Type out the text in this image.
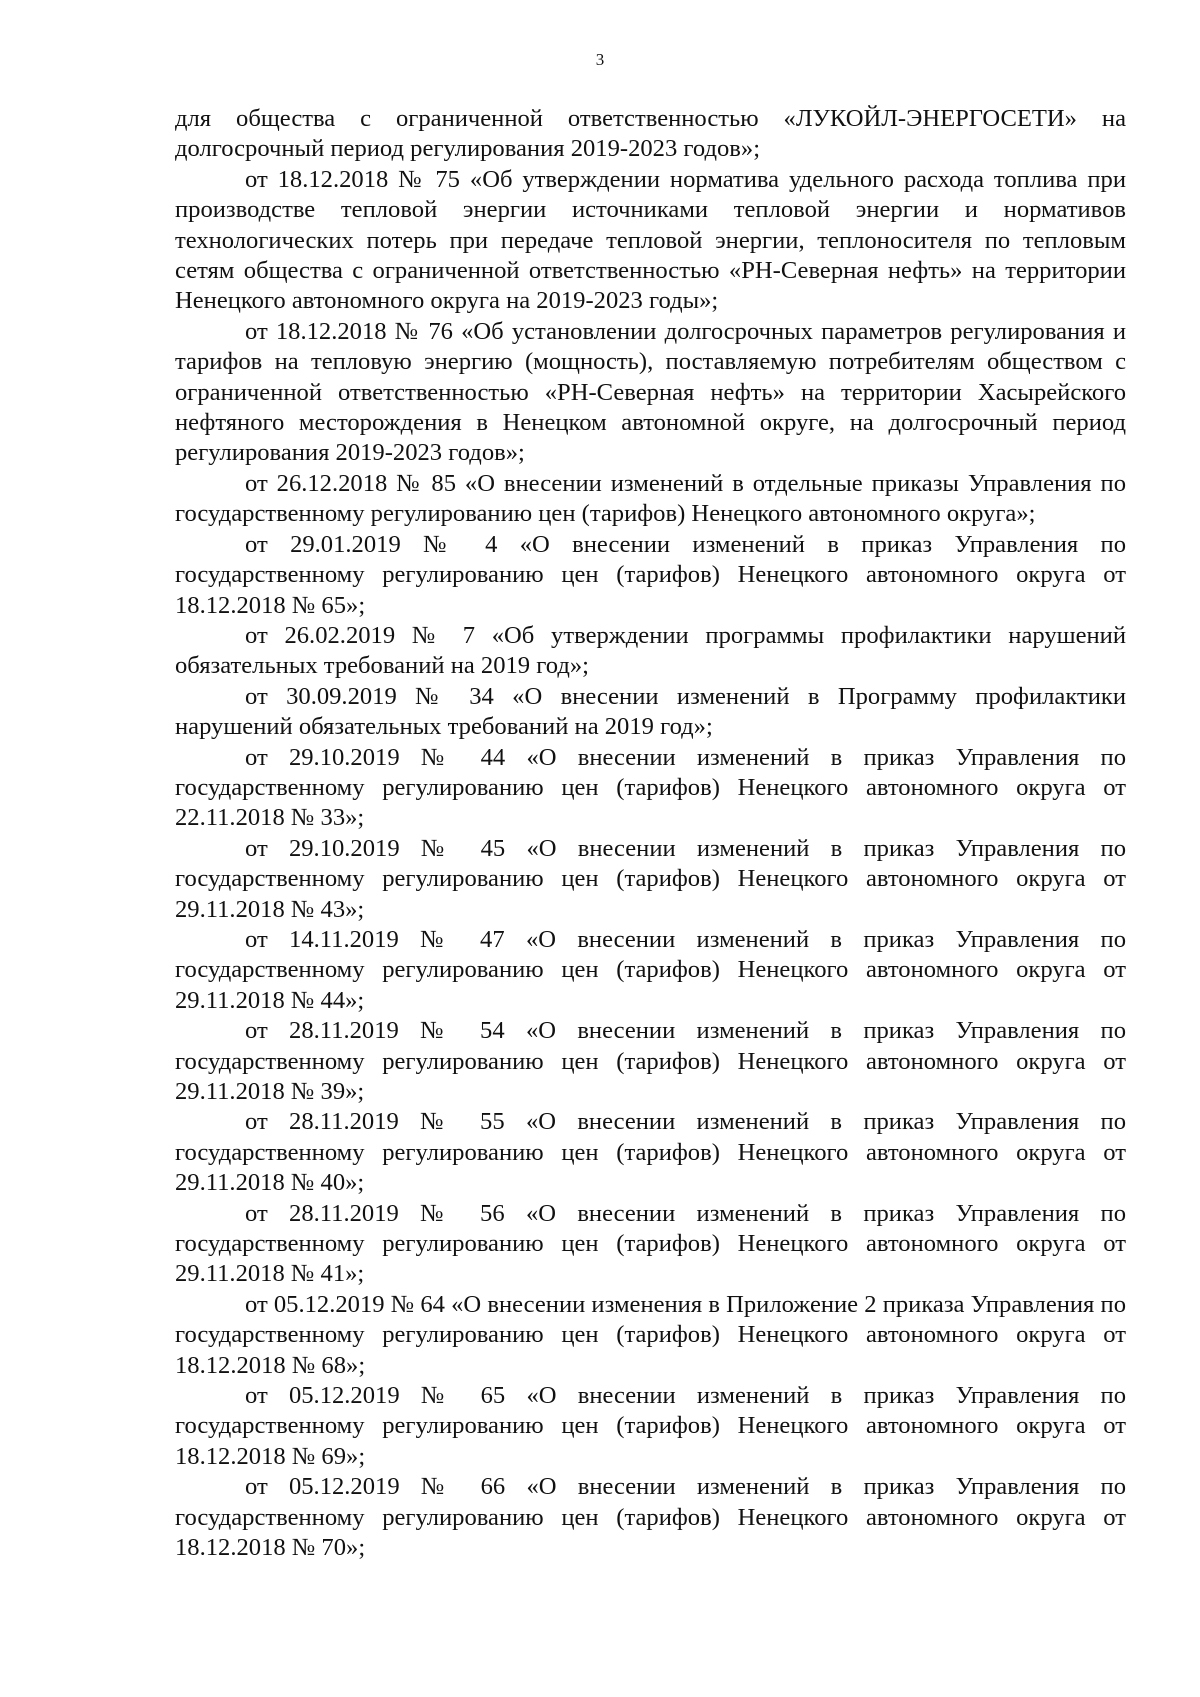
3

для общества с ограниченной ответственностью «ЛУКОЙЛ-ЭНЕРГОСЕТИ» на долгосрочный период регулирования 2019-2023 годов»;

от 18.12.2018 № 75 «Об утверждении норматива удельного расхода топлива при производстве тепловой энергии источниками тепловой энергии и нормативов технологических потерь при передаче тепловой энергии, теплоносителя по тепловым сетям общества с ограниченной ответственностью «РН-Северная нефть» на территории Ненецкого автономного округа на 2019-2023 годы»;

от 18.12.2018 № 76 «Об установлении долгосрочных параметров регулирования и тарифов на тепловую энергию (мощность), поставляемую потребителям обществом с ограниченной ответственностью «РН-Северная нефть» на территории Хасырейского нефтяного месторождения в Ненецком автономной округе, на долгосрочный период регулирования 2019-2023 годов»;

от 26.12.2018 № 85 «О внесении изменений в отдельные приказы Управления по государственному регулированию цен (тарифов) Ненецкого автономного округа»;

от 29.01.2019 № 4 «О внесении изменений в приказ Управления по государственному регулированию цен (тарифов) Ненецкого автономного округа от 18.12.2018 № 65»;

от 26.02.2019 № 7 «Об утверждении программы профилактики нарушений обязательных требований на 2019 год»;

от 30.09.2019 № 34 «О внесении изменений в Программу профилактики нарушений обязательных требований на 2019 год»;

от 29.10.2019 № 44 «О внесении изменений в приказ Управления по государственному регулированию цен (тарифов) Ненецкого автономного округа от 22.11.2018 № 33»;

от 29.10.2019 № 45 «О внесении изменений в приказ Управления по государственному регулированию цен (тарифов) Ненецкого автономного округа от 29.11.2018 № 43»;

от 14.11.2019 № 47 «О внесении изменений в приказ Управления по государственному регулированию цен (тарифов) Ненецкого автономного округа от 29.11.2018 № 44»;

от 28.11.2019 № 54 «О внесении изменений в приказ Управления по государственному регулированию цен (тарифов) Ненецкого автономного округа от 29.11.2018 № 39»;

от 28.11.2019 № 55 «О внесении изменений в приказ Управления по государственному регулированию цен (тарифов) Ненецкого автономного округа от 29.11.2018 № 40»;

от 28.11.2019 № 56 «О внесении изменений в приказ Управления по государственному регулированию цен (тарифов) Ненецкого автономного округа от 29.11.2018 № 41»;

от 05.12.2019 № 64 «О внесении изменения в Приложение 2 приказа Управления по государственному регулированию цен (тарифов) Ненецкого автономного округа от 18.12.2018 № 68»;

от 05.12.2019 № 65 «О внесении изменений в приказ Управления по государственному регулированию цен (тарифов) Ненецкого автономного округа от 18.12.2018 № 69»;

от 05.12.2019 № 66 «О внесении изменений в приказ Управления по государственному регулированию цен (тарифов) Ненецкого автономного округа от 18.12.2018 № 70»;
